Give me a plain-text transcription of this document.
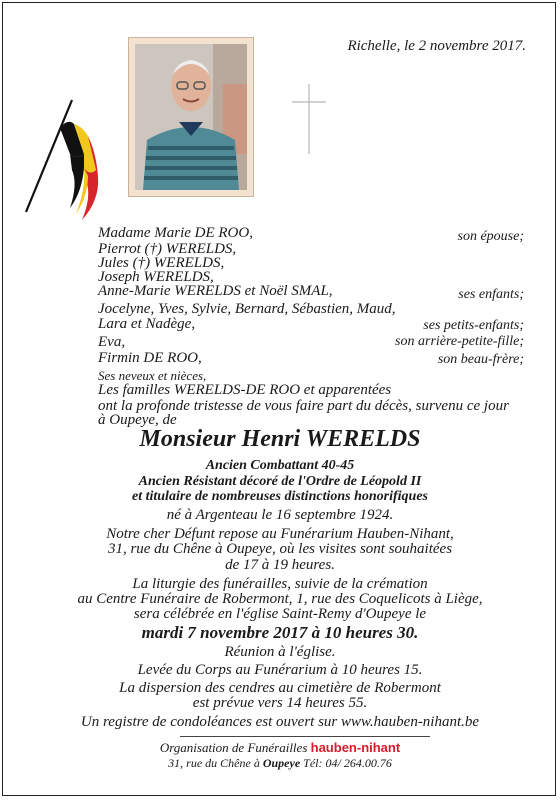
Richelle, le 2 novembre 2017.
Madame Marie DE ROO,	son épouse;
Pierrot (†) WERELDS,
Jules (†) WERELDS,
Joseph WERELDS,
Anne-Marie WERELDS et Noël SMAL,	ses enfants;
Jocelyne, Yves, Sylvie, Bernard, Sébastien, Maud,
Lara et Nadège,	ses petits-enfants;
Eva,	son arrière-petite-fille;
Firmin DE ROO,	son beau-frère;
Ses neveux et nièces,
Les familles WERELDS-DE ROO et apparentées
ont la profonde tristesse de vous faire part du décès, survenu ce jour
à Oupeye, de
Monsieur Henri WERELDS
Ancien Combattant 40-45
Ancien Résistant décoré de l'Ordre de Léopold II
et titulaire de nombreuses distinctions honorifiques
né à Argenteau le 16 septembre 1924.
Notre cher Défunt repose au Funérarium Hauben-Nihant,
31, rue du Chêne à Oupeye, où les visites sont souhaitées
de 17 à 19 heures.
La liturgie des funérailles, suivie de la crémation
au Centre Funéraire de Robermont, 1, rue des Coquelicots à Liège,
sera célébrée en l'église Saint-Remy d'Oupeye le
mardi 7 novembre 2017 à 10 heures 30.
Réunion à l'église.
Levée du Corps au Funérarium à 10 heures 15.
La dispersion des cendres au cimetière de Robermont
est prévue vers 14 heures 55.
Un registre de condoléances est ouvert sur www.hauben-nihant.be
Organisation de Funérailles hauben-nihant
31, rue du Chêne à Oupeye Tél: 04/ 264.00.76
